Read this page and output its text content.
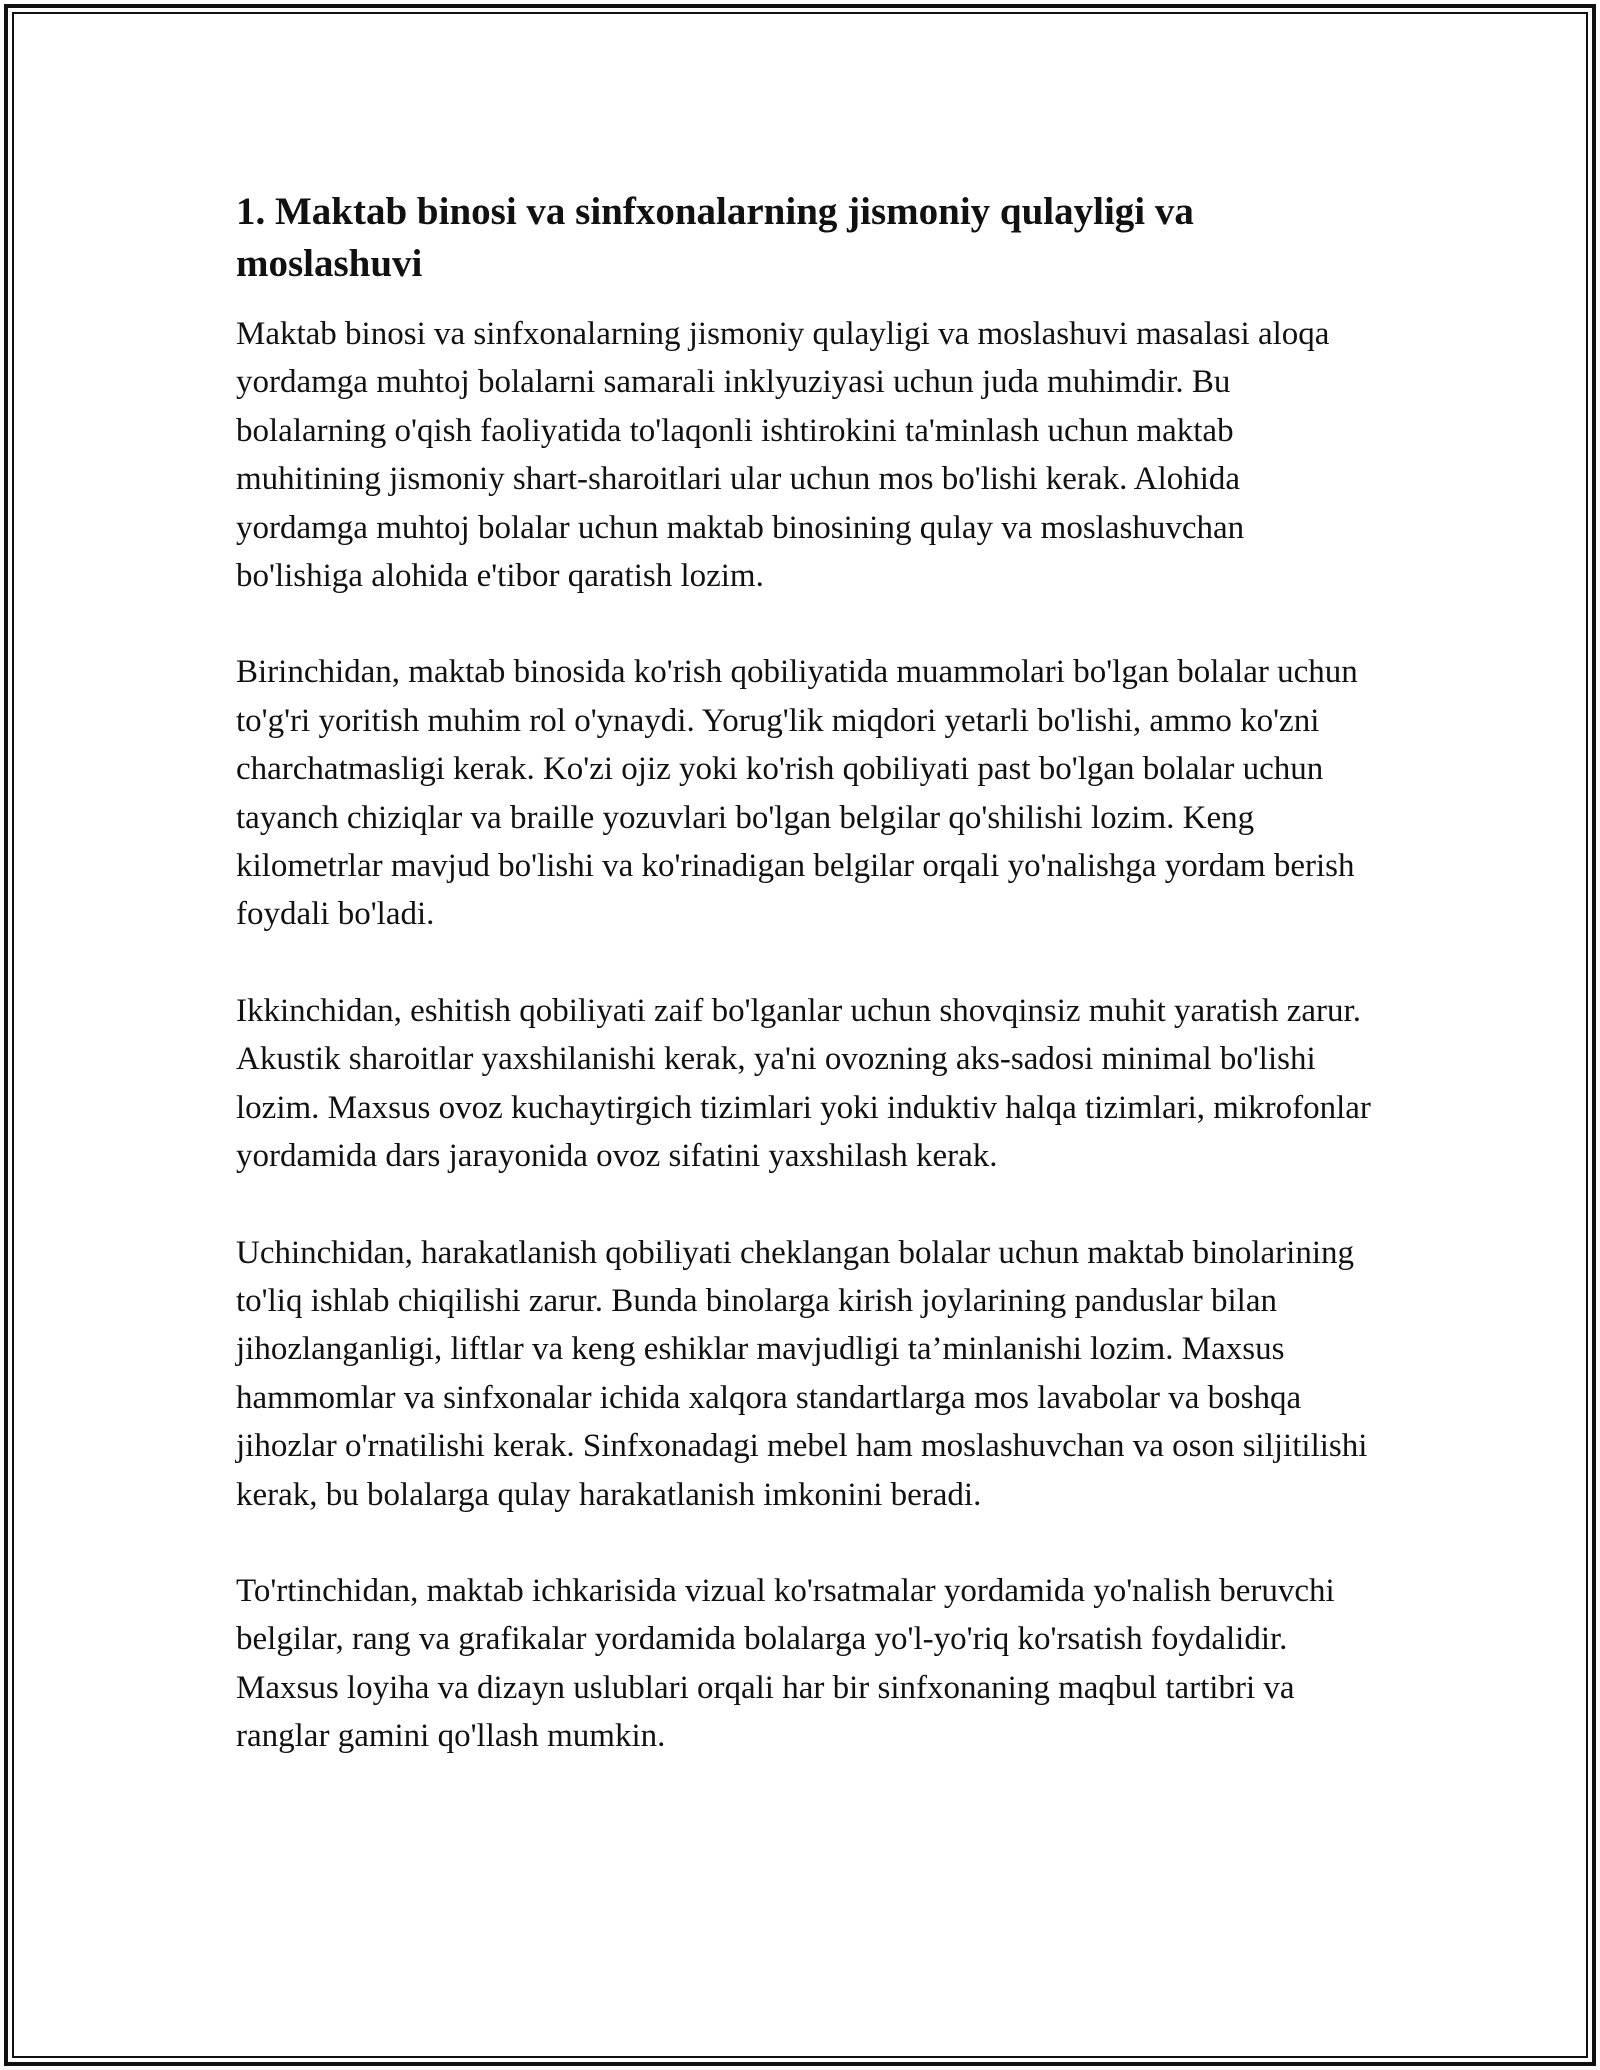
1. Maktab binosi va sinfxonalarning jismoniy qulayligi va moslashuvi

Maktab binosi va sinfxonalarning jismoniy qulayligi va moslashuvi masalasi aloqa yordamga muhtoj bolalarni samarali inklyuziyasi uchun juda muhimdir. Bu bolalarning o'qish faoliyatida to'laqonli ishtirokini ta'minlash uchun maktab muhitining jismoniy shart-sharoitlari ular uchun mos bo'lishi kerak. Alohida yordamga muhtoj bolalar uchun maktab binosining qulay va moslashuvchan bo'lishiga alohida e'tibor qaratish lozim.

Birinchidan, maktab binosida ko'rish qobiliyatida muammolari bo'lgan bolalar uchun to'g'ri yoritish muhim rol o'ynaydi. Yorug'lik miqdori yetarli bo'lishi, ammo ko'zni charchatmasligi kerak. Ko'zi ojiz yoki ko'rish qobiliyati past bo'lgan bolalar uchun tayanch chiziqlar va braille yozuvlari bo'lgan belgilar qo'shilishi lozim. Keng kilometrlar mavjud bo'lishi va ko'rinadigan belgilar orqali yo'nalishga yordam berish foydali bo'ladi.

Ikkinchidan, eshitish qobiliyati zaif bo'lganlar uchun shovqinsiz muhit yaratish zarur. Akustik sharoitlar yaxshilanishi kerak, ya'ni ovozning aks-sadosi minimal bo'lishi lozim. Maxsus ovoz kuchaytirgich tizimlari yoki induktiv halqa tizimlari, mikrofonlar yordamida dars jarayonida ovoz sifatini yaxshilash kerak.

Uchinchidan, harakatlanish qobiliyati cheklangan bolalar uchun maktab binolarining to'liq ishlab chiqilishi zarur. Bunda binolarga kirish joylarining panduslar bilan jihozlanganligi, liftlar va keng eshiklar mavjudligi ta’minlanishi lozim. Maxsus hammomlar va sinfxonalar ichida xalqora standartlarga mos lavabolar va boshqa jihozlar o'rnatilishi kerak. Sinfxonadagi mebel ham moslashuvchan va oson siljitilishi kerak, bu bolalarga qulay harakatlanish imkonini beradi.

To'rtinchidan, maktab ichkarisida vizual ko'rsatmalar yordamida yo'nalish beruvchi belgilar, rang va grafikalar yordamida bolalarga yo'l-yo'riq ko'rsatish foydalidir. Maxsus loyiha va dizayn uslublari orqali har bir sinfxonaning maqbul tartibri va ranglar gamini qo'llash mumkin.
